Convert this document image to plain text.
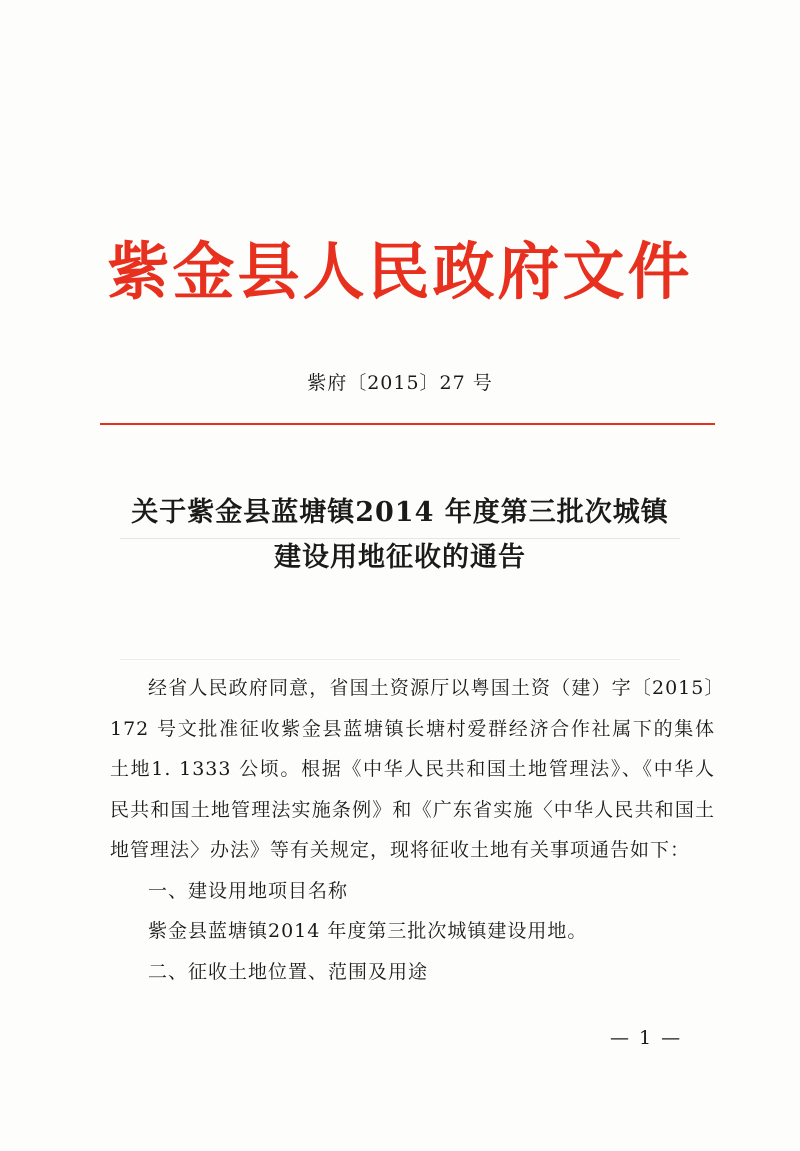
紫金县人民政府文件
紫府〔2015〕27 号
关于紫金县蓝塘镇2014 年度第三批次城镇
建设用地征收的通告

经省人民政府同意，省国土资源厅以粤国土资（建）字〔2015〕172 号文批准征收紫金县蓝塘镇长塘村爱群经济合作社属下的集体土地1. 1333 公顷。根据《中华人民共和国土地管理法》、《中华人民共和国土地管理法实施条例》和《广东省实施〈中华人民共和国土地管理法〉办法》等有关规定，现将征收土地有关事项通告如下：

一、建设用地项目名称

紫金县蓝塘镇2014 年度第三批次城镇建设用地。

二、征收土地位置、范围及用途

— 1 —
